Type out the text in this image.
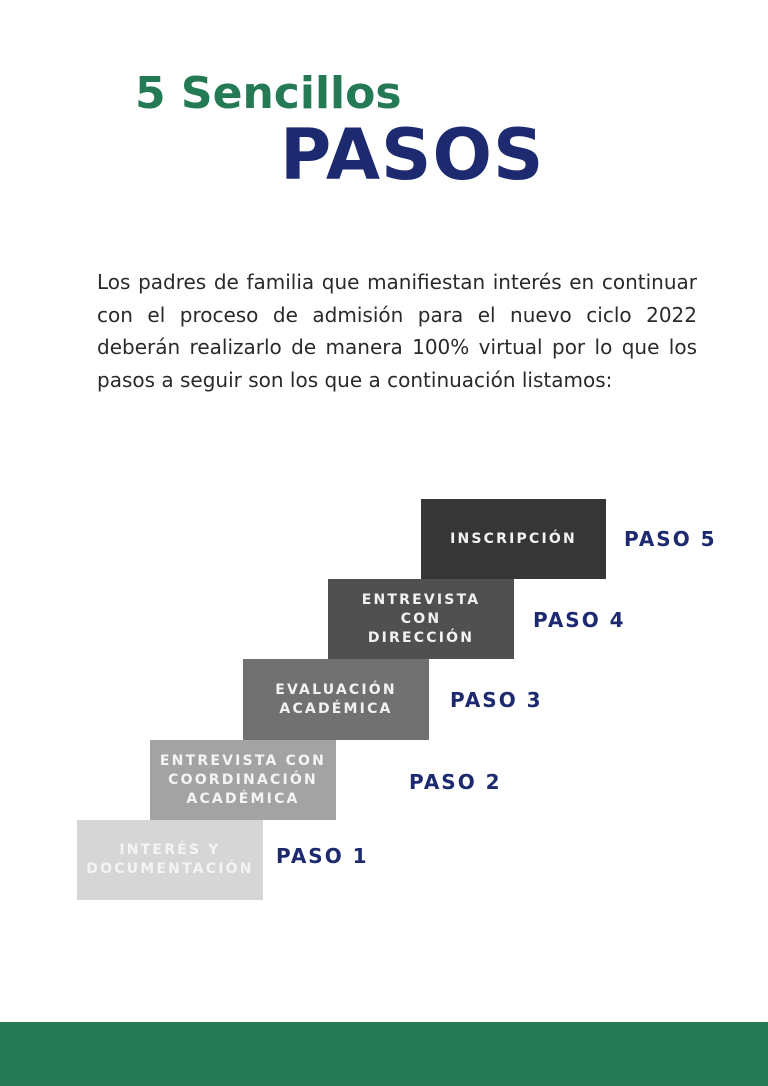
5 Sencillos
PASOS

Los padres de familia que manifiestan interés en continuar con el proceso de admisión para el nuevo ciclo 2022 deberán realizarlo de manera 100% virtual por lo que los pasos a seguir son los que a continuación listamos:

INTERÉS Y DOCUMENTACIÓN
PASO 1
ENTREVISTA CON COORDINACIÓN ACADÉMICA
PASO 2
EVALUACIÓN ACADÉMICA	PASO 3
ENTREVISTA CON DIRECCIÓN
PASO 4
INSCRIPCIÓN PASO 5
